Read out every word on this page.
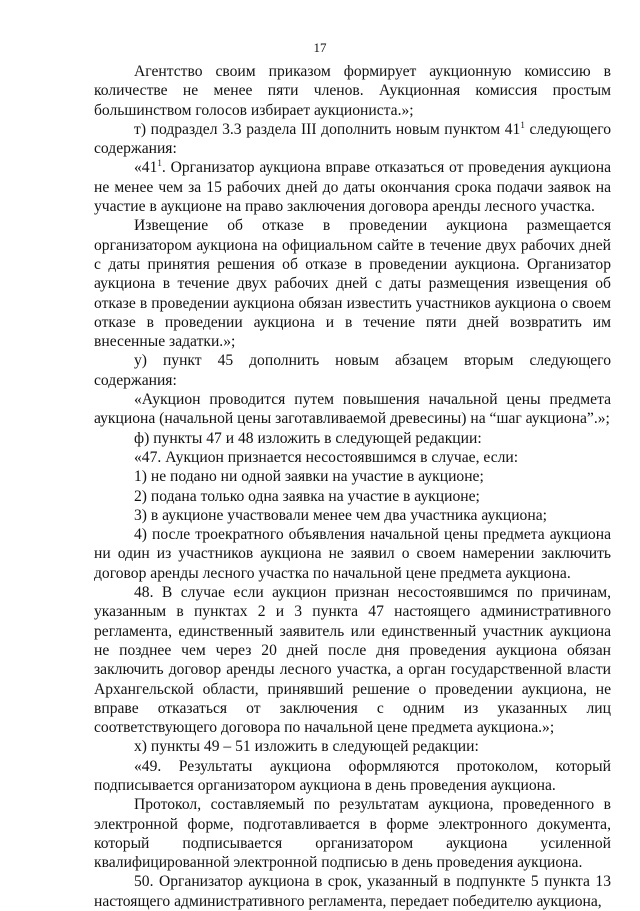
17

Агентство своим приказом формирует аукционную комиссию в количестве не менее пяти членов. Аукционная комиссия простым большинством голосов избирает аукциониста.»;

т) подраздел 3.3 раздела III дополнить новым пунктом $41^1$ следующего содержания:

«$41^1$. Организатор аукциона вправе отказаться от проведения аукциона не менее чем за 15 рабочих дней до даты окончания срока подачи заявок на участие в аукционе на право заключения договора аренды лесного участка.

Извещение об отказе в проведении аукциона размещается организатором аукциона на официальном сайте в течение двух рабочих дней с даты принятия решения об отказе в проведении аукциона. Организатор аукциона в течение двух рабочих дней с даты размещения извещения об отказе в проведении аукциона обязан известить участников аукциона о своем отказе в проведении аукциона и в течение пяти дней возвратить им внесенные задатки.»;

у) пункт 45 дополнить новым абзацем вторым следующего содержания:

«Аукцион проводится путем повышения начальной цены предмета аукциона (начальной цены заготавливаемой древесины) на “шаг аукциона”.»;

ф) пункты 47 и 48 изложить в следующей редакции:

«47. Аукцион признается несостоявшимся в случае, если:

1) не подано ни одной заявки на участие в аукционе;

2) подана только одна заявка на участие в аукционе;

3) в аукционе участвовали менее чем два участника аукциона;

4) после троекратного объявления начальной цены предмета аукциона ни один из участников аукциона не заявил о своем намерении заключить договор аренды лесного участка по начальной цене предмета аукциона.

48. В случае если аукцион признан несостоявшимся по причинам, указанным в пунктах 2 и 3 пункта 47 настоящего административного регламента, единственный заявитель или единственный участник аукциона не позднее чем через 20 дней после дня проведения аукциона обязан заключить договор аренды лесного участка, а орган государственной власти Архангельской области, принявший решение о проведении аукциона, не вправе отказаться от заключения с одним из указанных лиц соответствующего договора по начальной цене предмета аукциона.»;

х) пункты 49 – 51 изложить в следующей редакции:

«49. Результаты аукциона оформляются протоколом, который подписывается организатором аукциона в день проведения аукциона.

Протокол, составляемый по результатам аукциона, проведенного в электронной форме, подготавливается в форме электронного документа, который подписывается организатором аукциона усиленной квалифицированной электронной подписью в день проведения аукциона.

50. Организатор аукциона в срок, указанный в подпункте 5 пункта 13 настоящего административного регламента, передает победителю аукциона,
